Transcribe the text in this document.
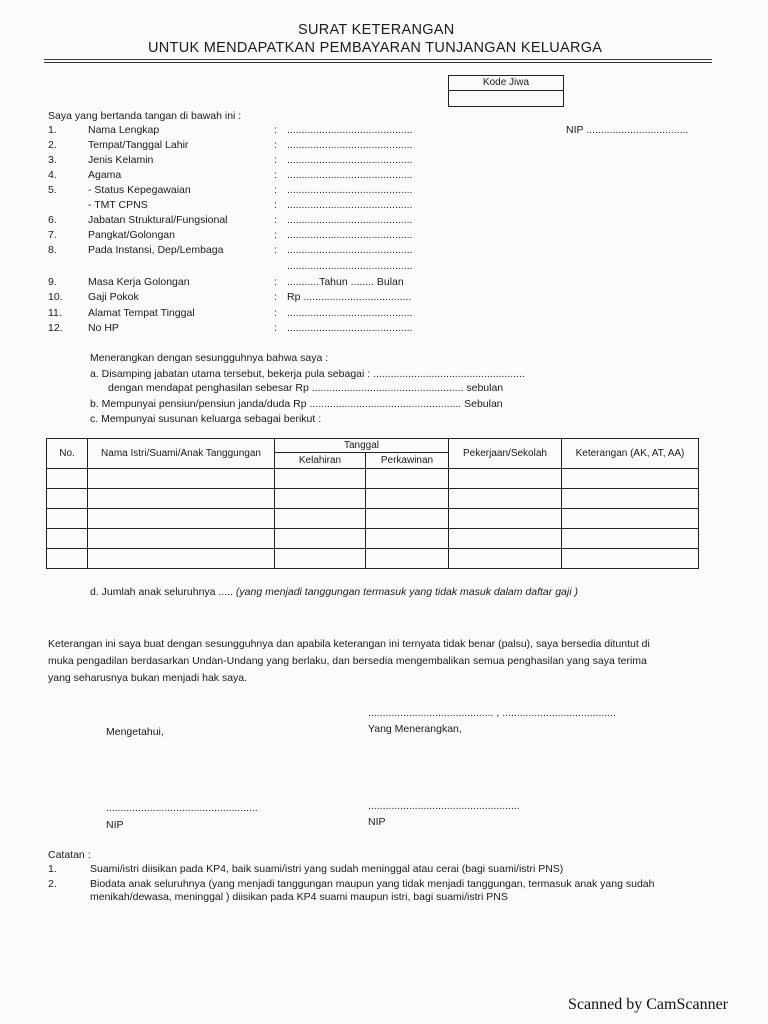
SURAT KETERANGAN
UNTUK MENDAPATKAN PEMBAYARAN TUNJANGAN KELUARGA
Kode Jiwa
Saya yang bertanda tangan di bawah ini :
NIP ...................................
1.	Nama Lengkap	: ...........................................
2.	Tempat/Tanggal Lahir	: ...........................................
3.	Jenis Kelamin	: ...........................................
4.	Agama	: ...........................................
5.	- Status Kepegawaian	: ...........................................
- TMT CPNS	: ...........................................
6.	Jabatan Struktural/Fungsional	: ...........................................
7.	Pangkat/Golongan	: ...........................................
8.	Pada Instansi, Dep/Lembaga	: ...........................................
...........................................
9.	Masa Kerja Golongan	: ...........Tahun ........ Bulan
10. Gaji Pokok	: Rp .....................................
11. Alamat Tempat Tinggal	: ...........................................
12. No HP	: ...........................................
Menerangkan dengan sesungguhnya bahwa saya :
a. Disamping jabatan utama tersebut, bekerja pula sebagai : ....................................................
dengan mendapat penghasilan sebesar Rp .................................................... sebulan
b. Mempunyai pensiun/pensiun janda/duda Rp .................................................... Sebulan
c. Mempunyai susunan keluarga sebagai berikut :
No.	Nama Istri/Suami/Anak Tanggungan	Tanggal		Pekerjaan/Sekolah	Keterangan (AK, AT, AA)
		Kelahiran	Perkawinan		

d. Jumlah anak seluruhnya ..... (yang menjadi tanggungan termasuk yang tidak masuk dalam daftar gaji )
Keterangan ini saya buat dengan sesungguhnya dan apabila keterangan ini ternyata tidak benar (palsu), saya bersedia dituntut di
muka pengadilan berdasarkan Undan-Undang yang berlaku, dan bersedia mengembalikan semua penghasilan yang saya terima
yang seharusnya bukan menjadi hak saya.
........................................... , .......................................
Mengetahui,	Yang Menerangkan,
....................................................	....................................................
NIP	NIP
Catatan :
1.	Suami/istri diisikan pada KP4, baik suami/istri yang sudah meninggal atau cerai (bagi suami/istri PNS)
2.	Biodata anak seluruhnya (yang menjadi tanggungan maupun yang tidak menjadi tanggungan, termasuk anak yang sudah
menikah/dewasa, meninggal ) diisikan pada KP4 suami maupun istri, bagi suami/istri PNS
Scanned by CamScanner
